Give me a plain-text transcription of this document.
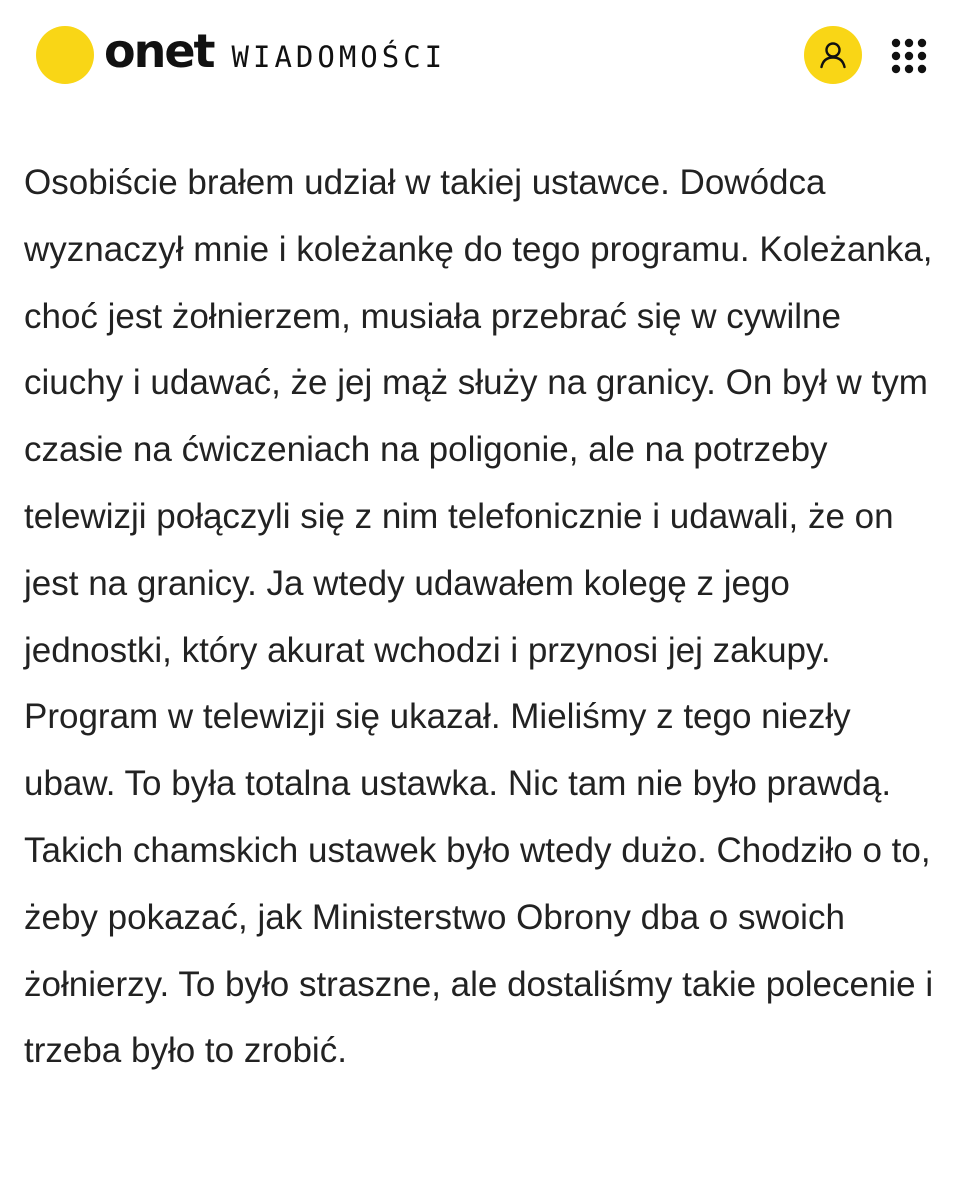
onet WIADOMOŚCI

Osobiście brałem udział w takiej ustawce. Dowódca wyznaczył mnie i koleżankę do tego programu. Koleżanka, choć jest żołnierzem, musiała przebrać się w cywilne ciuchy i udawać, że jej mąż służy na granicy. On był w tym czasie na ćwiczeniach na poligonie, ale na potrzeby telewizji połączyli się z nim telefonicznie i udawali, że on jest na granicy. Ja wtedy udawałem kolegę z jego jednostki, który akurat wchodzi i przynosi jej zakupy. Program w telewizji się ukazał. Mieliśmy z tego niezły ubaw. To była totalna ustawka. Nic tam nie było prawdą. Takich chamskich ustawek było wtedy dużo. Chodziło o to, żeby pokazać, jak Ministerstwo Obrony dba o swoich żołnierzy. To było straszne, ale dostaliśmy takie polecenie i trzeba było to zrobić.
